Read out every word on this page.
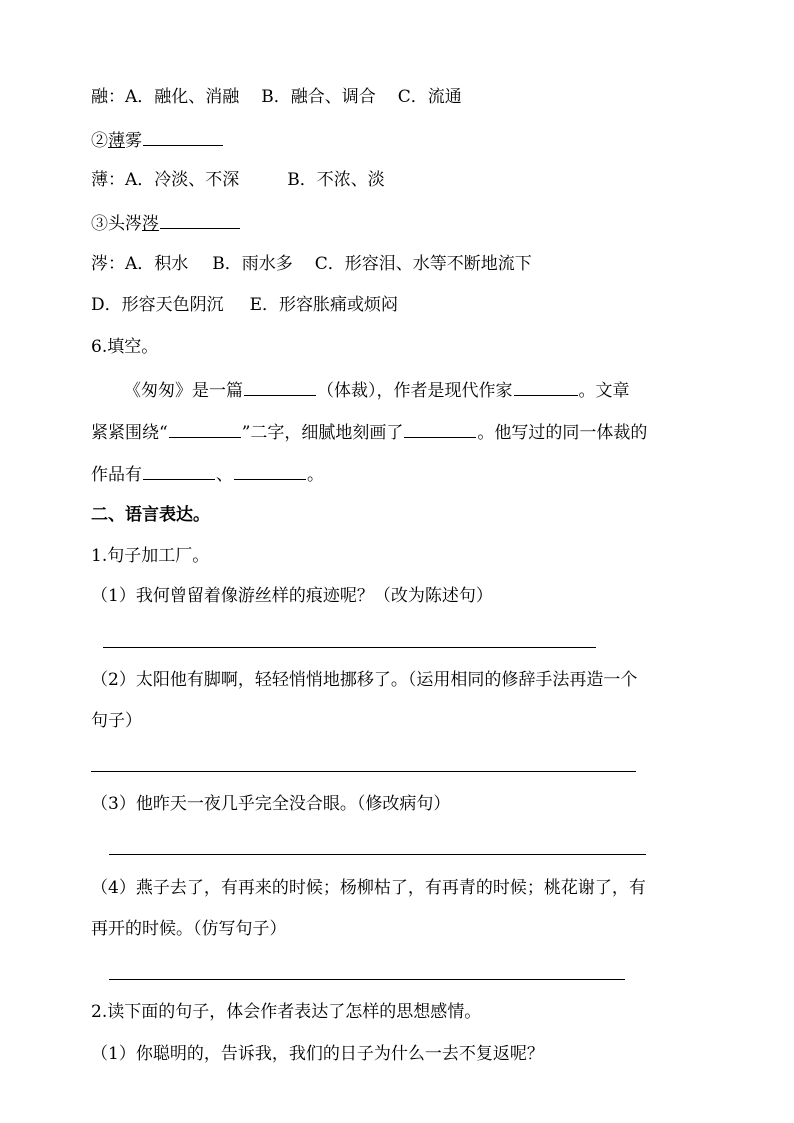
融：A．融化、消融 B．融合、调合 C．流通
②薄雾
薄：A．冷淡、不深	B．不浓、淡
③头涔涔
涔：A．积水 B．雨水多 C．形容泪、水等不断地流下
D．形容天色阴沉 E．形容胀痛或烦闷
6.填空。
《匆匆》是一篇	（体裁），作者是现代作家	。文章
紧紧围绕“	”二字，细腻地刻画了	。他写过的同一体裁的
作品有	、	。
二、语言表达。
1.句子加工厂。
（1）我何曾留着像游丝样的痕迹呢？（改为陈述句）
（2）太阳他有脚啊，轻轻悄悄地挪移了。（运用相同的修辞手法再造一个
句子）
（3）他昨天一夜几乎完全没合眼。（修改病句）
（4）燕子去了，有再来的时候；杨柳枯了，有再青的时候；桃花谢了，有
再开的时候。（仿写句子）
2.读下面的句子，体会作者表达了怎样的思想感情。
（1）你聪明的，告诉我，我们的日子为什么一去不复返呢？
